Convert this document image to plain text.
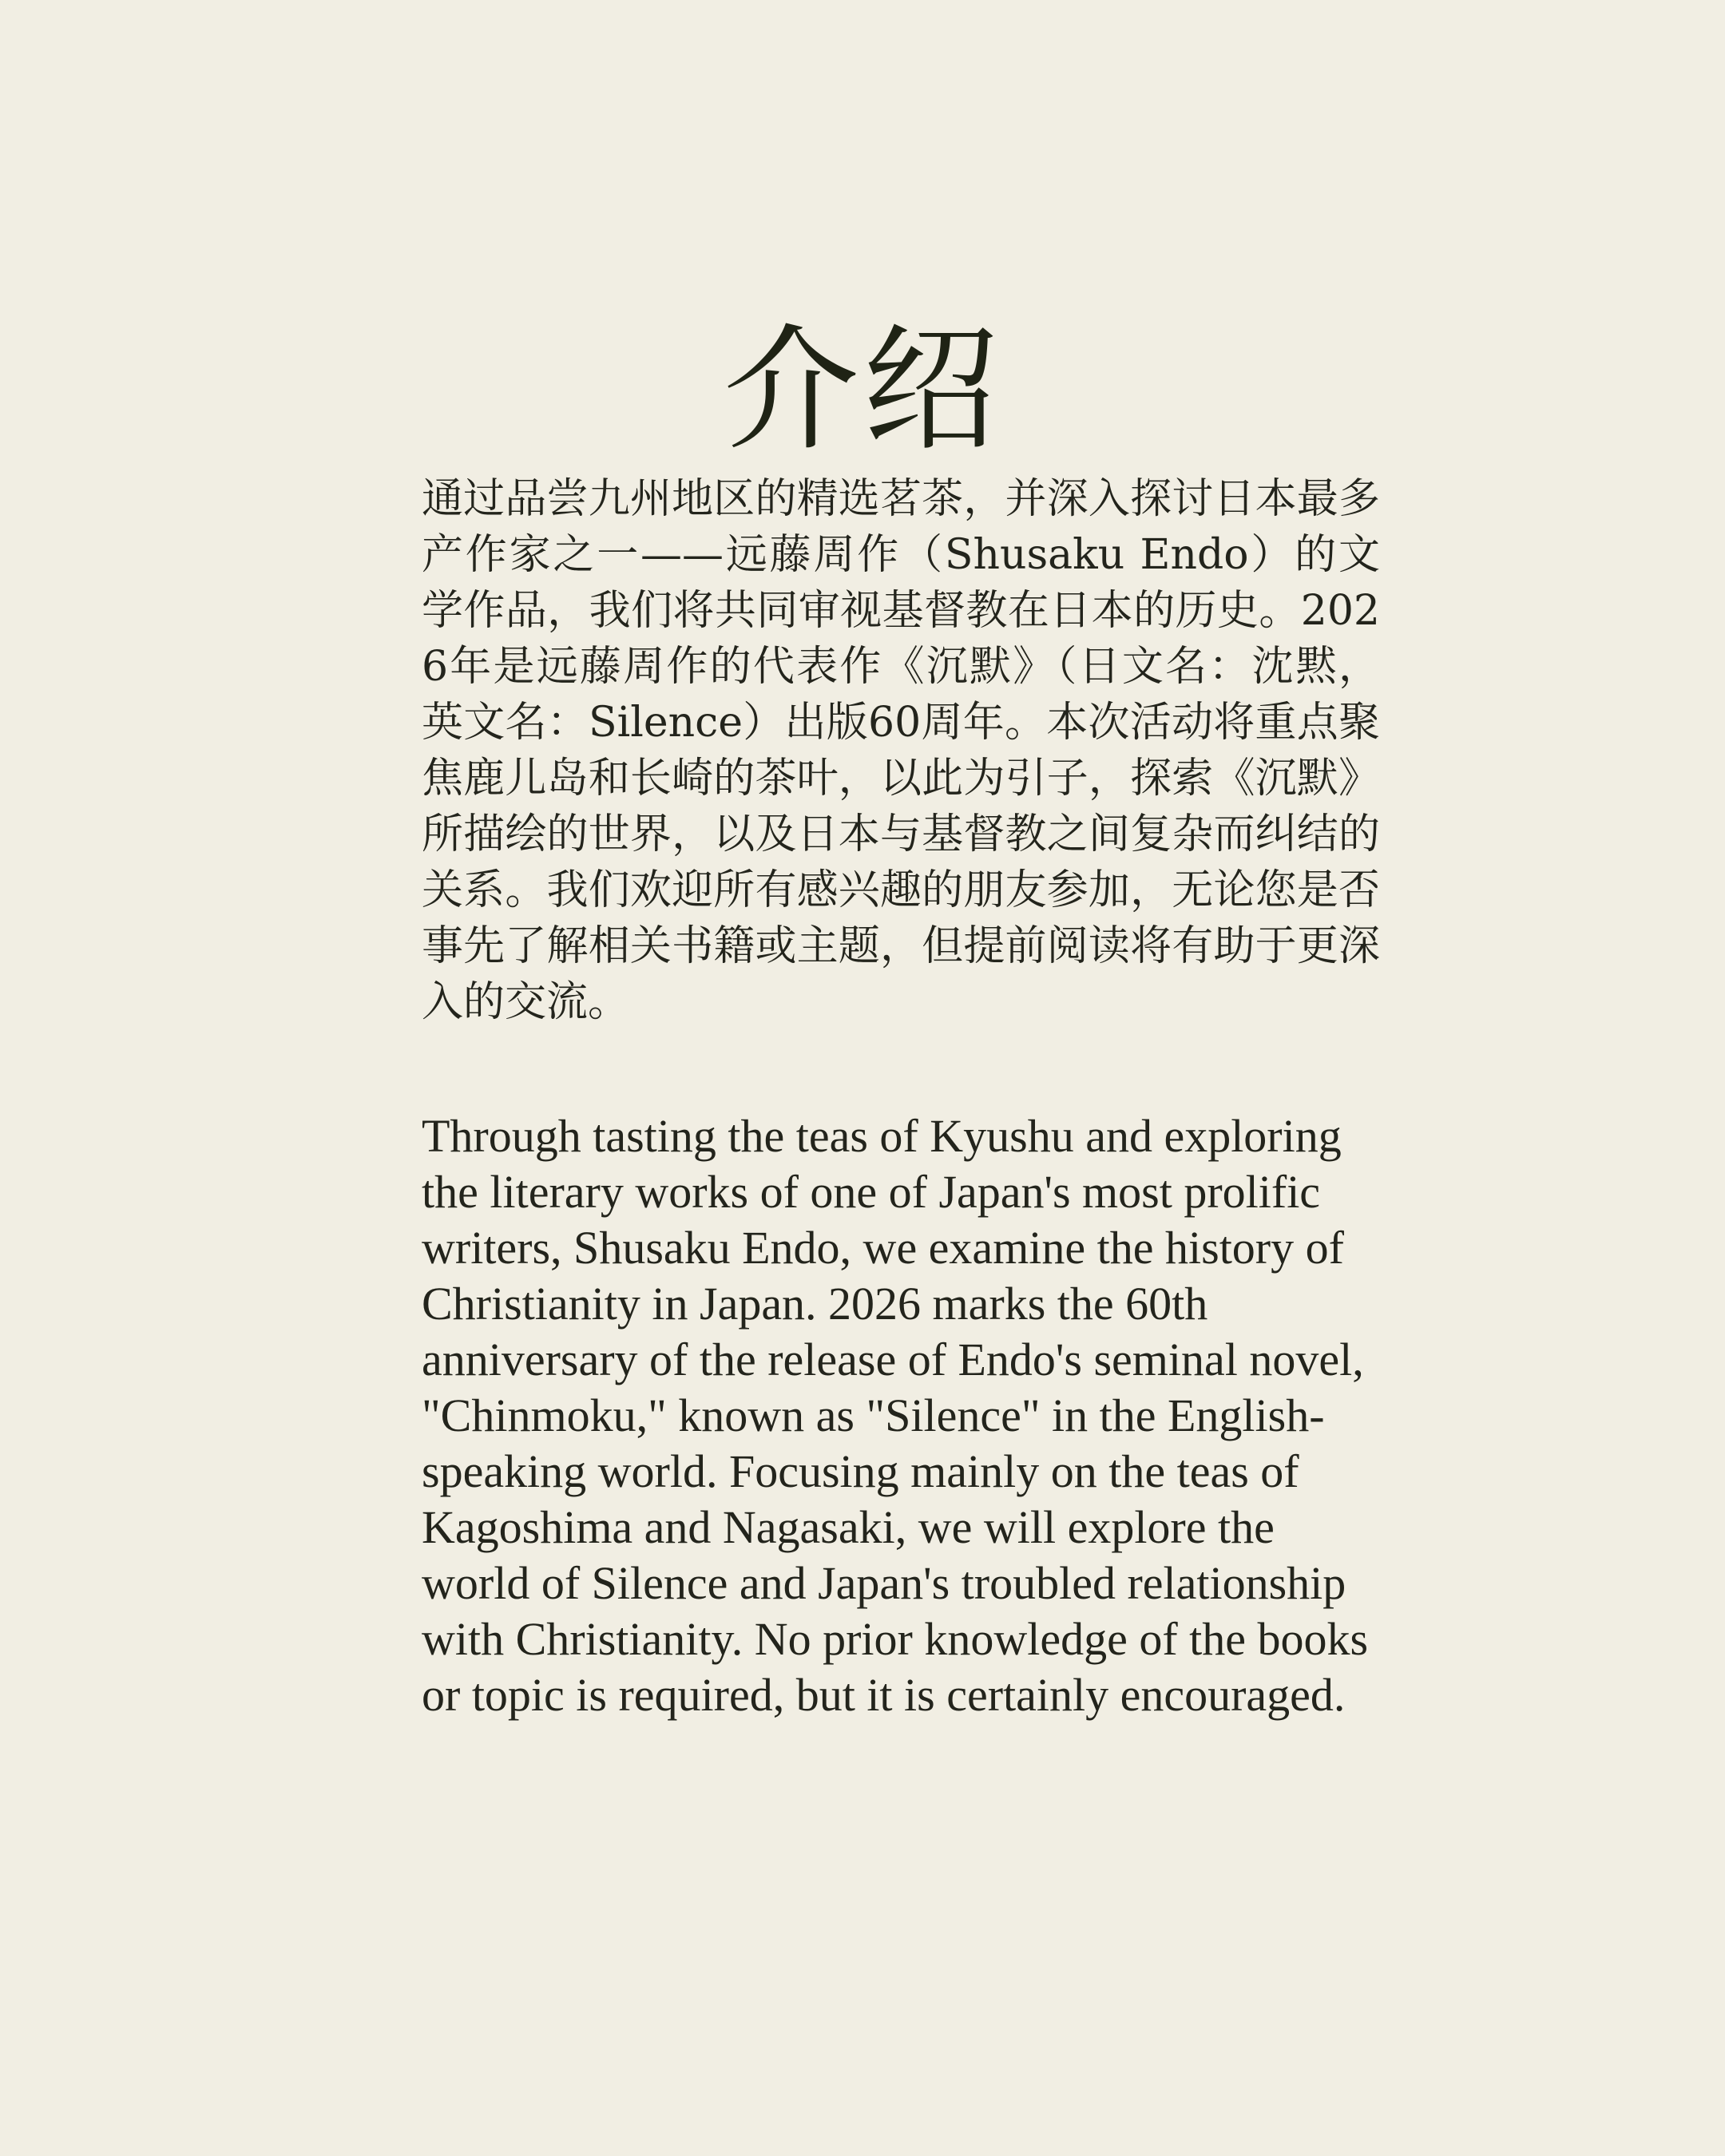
介绍

通过品尝九州地区的精选茗茶，并深入探讨日本最多产作家之一——远藤周作（Shusaku Endo）的文学作品，我们将共同审视基督教在日本的历史。2026年是远藤周作的代表作《沉默》（日文名：沈黙，英文名：Silence）出版60周年。本次活动将重点聚焦鹿儿岛和长崎的茶叶，以此为引子，探索《沉默》所描绘的世界，以及日本与基督教之间复杂而纠结的关系。我们欢迎所有感兴趣的朋友参加，无论您是否事先了解相关书籍或主题，但提前阅读将有助于更深入的交流。

Through tasting the teas of Kyushu and exploring the literary works of one of Japan's most prolific writers, Shusaku Endo, we examine the history of Christianity in Japan. 2026 marks the 60th anniversary of the release of Endo's seminal novel, "Chinmoku," known as "Silence" in the English-speaking world. Focusing mainly on the teas of Kagoshima and Nagasaki, we will explore the world of Silence and Japan's troubled relationship with Christianity. No prior knowledge of the books or topic is required, but it is certainly encouraged.
